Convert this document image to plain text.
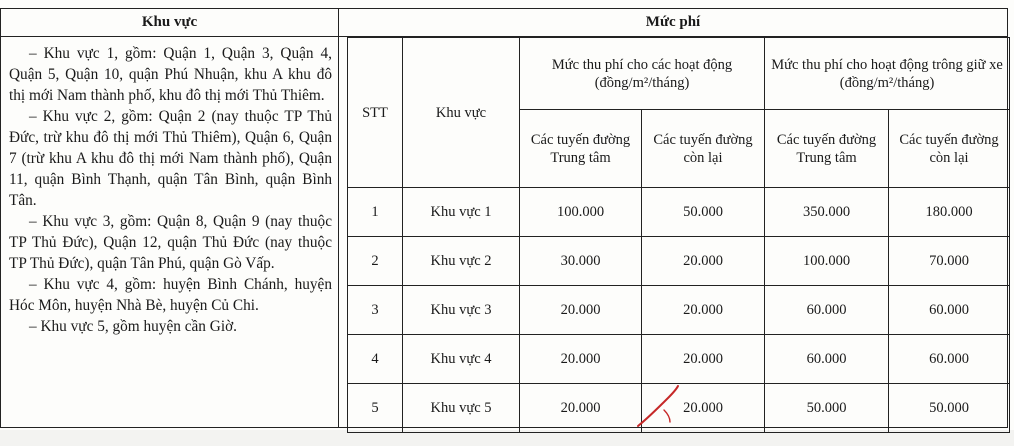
Khu vực

– Khu vực 1, gồm: Quận 1, Quận 3, Quận 4, Quận 5, Quận 10, quận Phú Nhuận, khu A khu đô thị mới Nam thành phố, khu đô thị mới Thủ Thiêm.

– Khu vực 2, gồm: Quận 2 (nay thuộc TP Thủ Đức, trừ khu đô thị mới Thủ Thiêm), Quận 6, Quận 7 (trừ khu A khu đô thị mới Nam thành phố), Quận 11, quận Bình Thạnh, quận Tân Bình, quận Bình Tân.

– Khu vực 3, gồm: Quận 8, Quận 9 (nay thuộc TP Thủ Đức), Quận 12, quận Thủ Đức (nay thuộc TP Thủ Đức), quận Tân Phú, quận Gò Vấp.

– Khu vực 4, gồm: huyện Bình Chánh, huyện Hóc Môn, huyện Nhà Bè, huyện Củ Chi.

– Khu vực 5, gồm huyện cần Giờ.

Mức phí
STT	Khu vực	Mức thu phí cho các hoạt động (đồng/m²/tháng)		Mức thu phí cho hoạt động trông giữ xe (đồng/m²/tháng)	
		Các tuyến đường Trung tâm	Các tuyến đường còn lại	Các tuyến đường Trung tâm	Các tuyến đường còn lại
1	Khu vực 1	100.000	50.000	350.000	180.000
2	Khu vực 2	30.000	20.000	100.000	70.000
3	Khu vực 3	20.000	20.000	60.000	60.000
4	Khu vực 4	20.000	20.000	60.000	60.000
5	Khu vực 5	20.000	20.000	50.000	50.000
